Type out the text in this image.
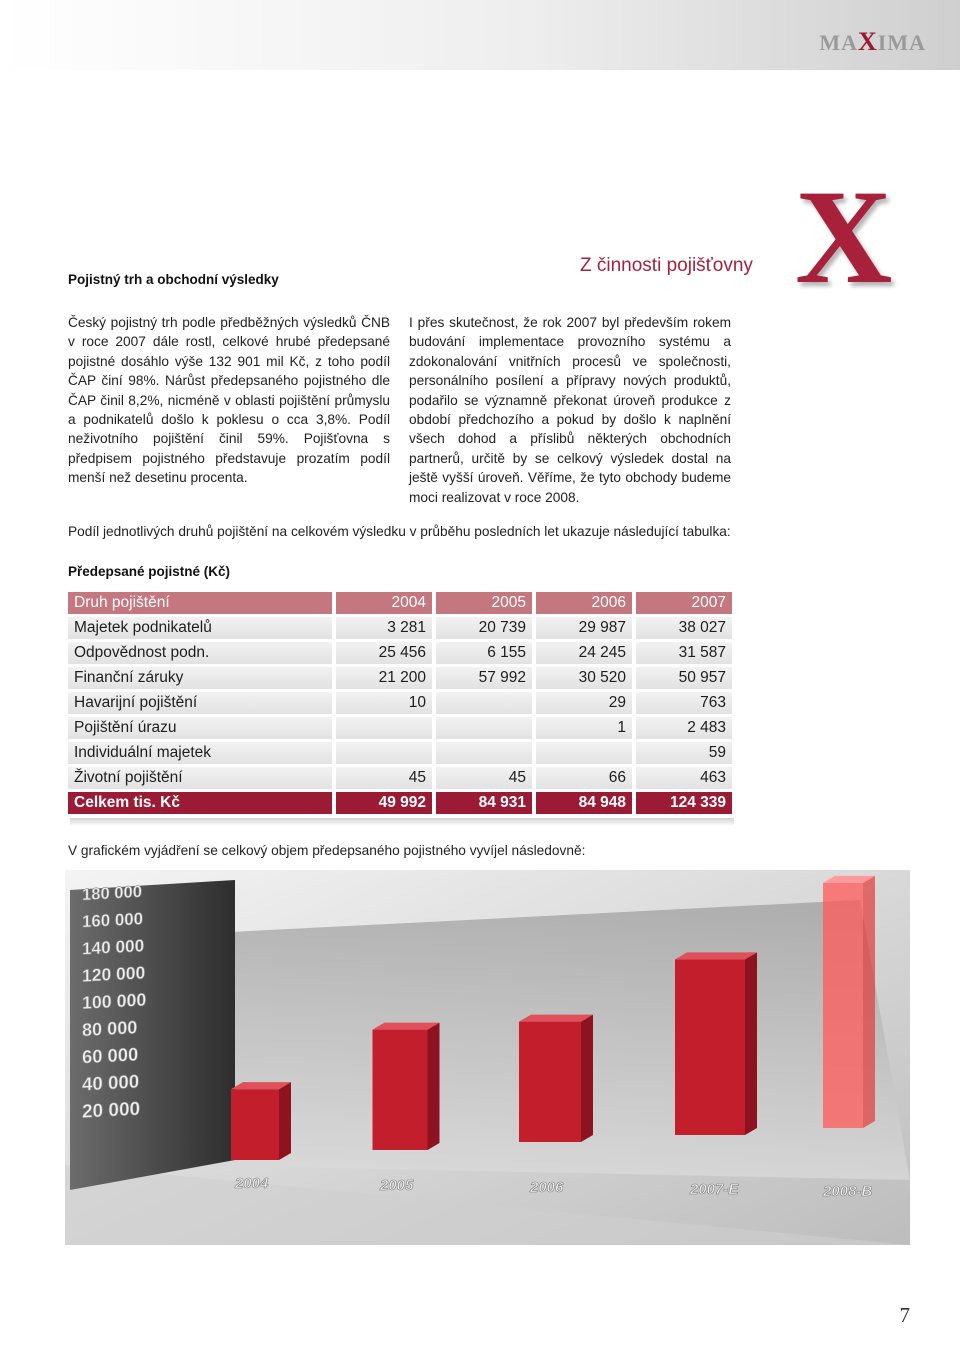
MAXIMA
X
Z činnosti pojišťovny
Pojistný trh a obchodní výsledky
Český pojistný trh podle předběžných výsledků ČNB v roce 2007 dále rostl, celkové hrubé předepsané pojistné dosáhlo výše 132 901 mil Kč, z toho podíl ČAP činí 98%. Nárůst předepsaného pojistného dle ČAP činil 8,2%, nicméně v oblasti pojištění průmyslu a podnikatelů došlo k poklesu o cca 3,8%. Podíl neživotního pojištění činil 59%. Pojišťovna s předpisem pojistného představuje prozatím podíl menší než desetinu procenta.
I přes skutečnost, že rok 2007 byl především rokem budování implementace provozního systému a zdokonalování vnitřních procesů ve společnosti, personálního posílení a přípravy nových produktů, podařilo se významně překonat úroveň produkce z období předchozího a pokud by došlo k naplnění všech dohod a příslibů některých obchodních partnerů, určitě by se celkový výsledek dostal na ještě vyšší úroveň. Věříme, že tyto obchody budeme moci realizovat v roce 2008.
Podíl jednotlivých druhů pojištění na celkovém výsledku v průběhu posledních let ukazuje následující tabulka:
Předepsané pojistné (Kč)
Druh pojištění	2004	2005	2006	2007
Majetek podnikatelů	3 281	20 739	29 987	38 027
Odpovědnost podn.	25 456	6 155	24 245	31 587
Finanční záruky	21 200	57 992	30 520	50 957
Havarijní pojištění	10		29	763
Pojištění úrazu			1	2 483
Individuální majetek				59
Životní pojištění	45	45	66	463
Celkem tis. Kč	49 992	84 931	84 948	124 339
V grafickém vyjádření se celkový objem předepsaného pojistného vyvíjel následovně:
20 000
40 000
60 000
80 000
100 000
120 000
140 000
160 000
180 000
2004	2005	2006	2007-E	2008-B
7
